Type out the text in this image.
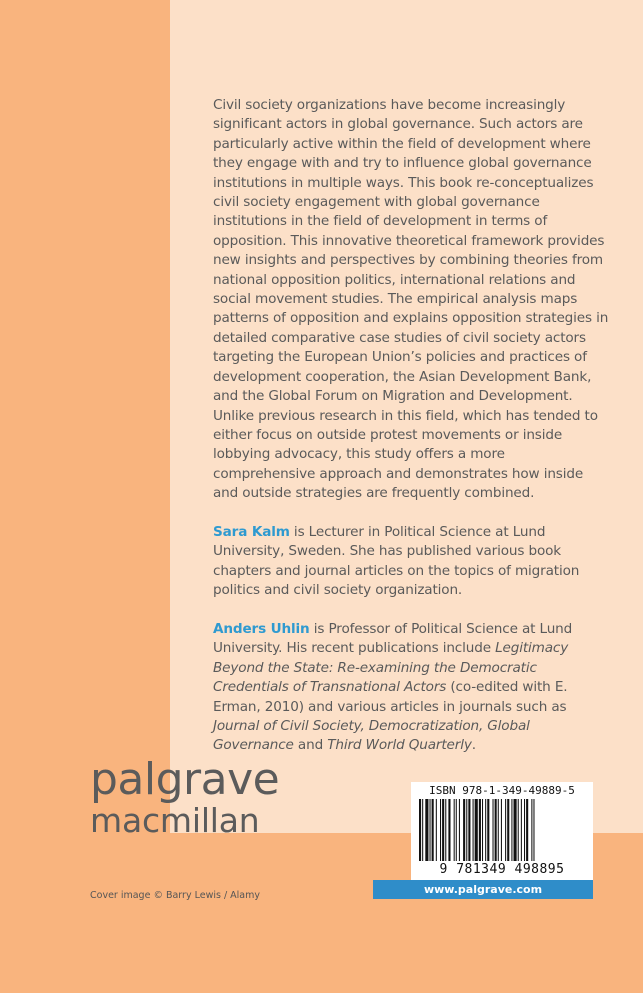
Civil society organizations have become increasingly significant actors in global governance. Such actors are particularly active within the field of development where they engage with and try to influence global governance institutions in multiple ways. This book re-conceptualizes civil society engagement with global governance institutions in the field of development in terms of opposition. This innovative theoretical framework provides new insights and perspectives by combining theories from national opposition politics, international relations and social movement studies. The empirical analysis maps patterns of opposition and explains opposition strategies in detailed comparative case studies of civil society actors targeting the European Union’s policies and practices of development cooperation, the Asian Development Bank, and the Global Forum on Migration and Development. Unlike previous research in this field, which has tended to either focus on outside protest movements or inside lobbying advocacy, this study offers a more comprehensive approach and demonstrates how inside and outside strategies are frequently combined.

Sara Kalm is Lecturer in Political Science at Lund University, Sweden. She has published various book chapters and journal articles on the topics of migration politics and civil society organization.

Anders Uhlin is Professor of Political Science at Lund University. His recent publications include Legitimacy Beyond the State: Re-examining the Democratic Credentials of Transnational Actors (co-edited with E. Erman, 2010) and various articles in journals such as Journal of Civil Society, Democratization, Global Governance and Third World Quarterly.

palgrave
macmillan
Cover image © Barry Lewis / Alamy
ISBN 978-1-349-49889-5
9 781349 498895
www.palgrave.com
